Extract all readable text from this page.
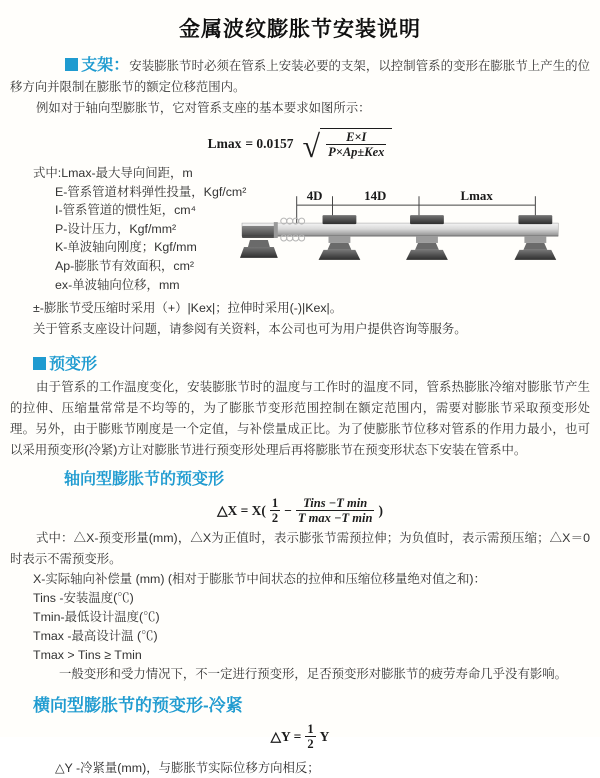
金属波纹膨胀节安装说明

支架：安装膨胀节时必须在管系上安装必要的支架，以控制管系的变形在膨胀节上产生的位移方向并限制在膨胀节的额定位移范围内。

例如对于轴向型膨胀节，它对管系支座的基本要求如图所示：

Lmax = 0.0157 √ $\frac{E\times I}{\text{P×Ap±Kex}}$
式中:Lmax-最大导向间距，m
E-管系管道材料弹性投量，Kgf/cm²
I-管系管道的惯性矩，cm⁴
P-设计压力，Kgf/mm²
K-单波轴向刚度；Kgf/mm
Ap-膨胀节有效面积，cm²
ex-单波轴向位移，mm
4D	14D	Lmax

±-膨胀节受压缩时采用（+）|Kex|；拉伸时采用(-)|Kex|。

关于管系支座设计问题，请参阅有关资料，本公司也可为用户提供咨询等服务。

预变形

由于管系的工作温度变化，安装膨胀节时的温度与工作时的温度不同，管系热膨胀冷缩对膨胀节产生的拉伸、压缩量常常是不均等的，为了膨胀节变形范围控制在额定范围内，需要对膨胀节采取预变形处理。另外，由于膨账节刚度是一个定值，与补偿量成正比。为了使膨胀节位移对管系的作用力最小，也可以采用预变形(冷紧)方让对膨胀节进行预变形处理后再将膨胀节在预变形状态下安装在管系中。

轴向型膨胀节的预变形
△X = $X( \frac{1}{2} - \frac{\text{Tins −T min}}{\text{T max −T min}}$ )

式中：△X-预变形量(mm)，△X为正值时，表示膨张节需预拉伸；为负值时，表示需预压缩；△X＝0时表示不需预变形。

X-实际轴向补偿量 (mm) (相对于膨胀节中间状态的拉伸和压缩位移量绝对值之和)：
Tins -安装温度(℃)
Tmin-最低设计温度(℃)
Tmax -最高设计温 (℃)
Tmax > Tins ≥ Tmin
一般变形和受力情况下，不一定进行预变形，足否预变形对膨胀节的疲劳寿命几乎没有影响。
横向型膨胀节的预变形-冷紧
△Y = $\frac{1}{2}$ Y

△Y -冷紧量(mm)，与膨胀节实际位移方向相反；
